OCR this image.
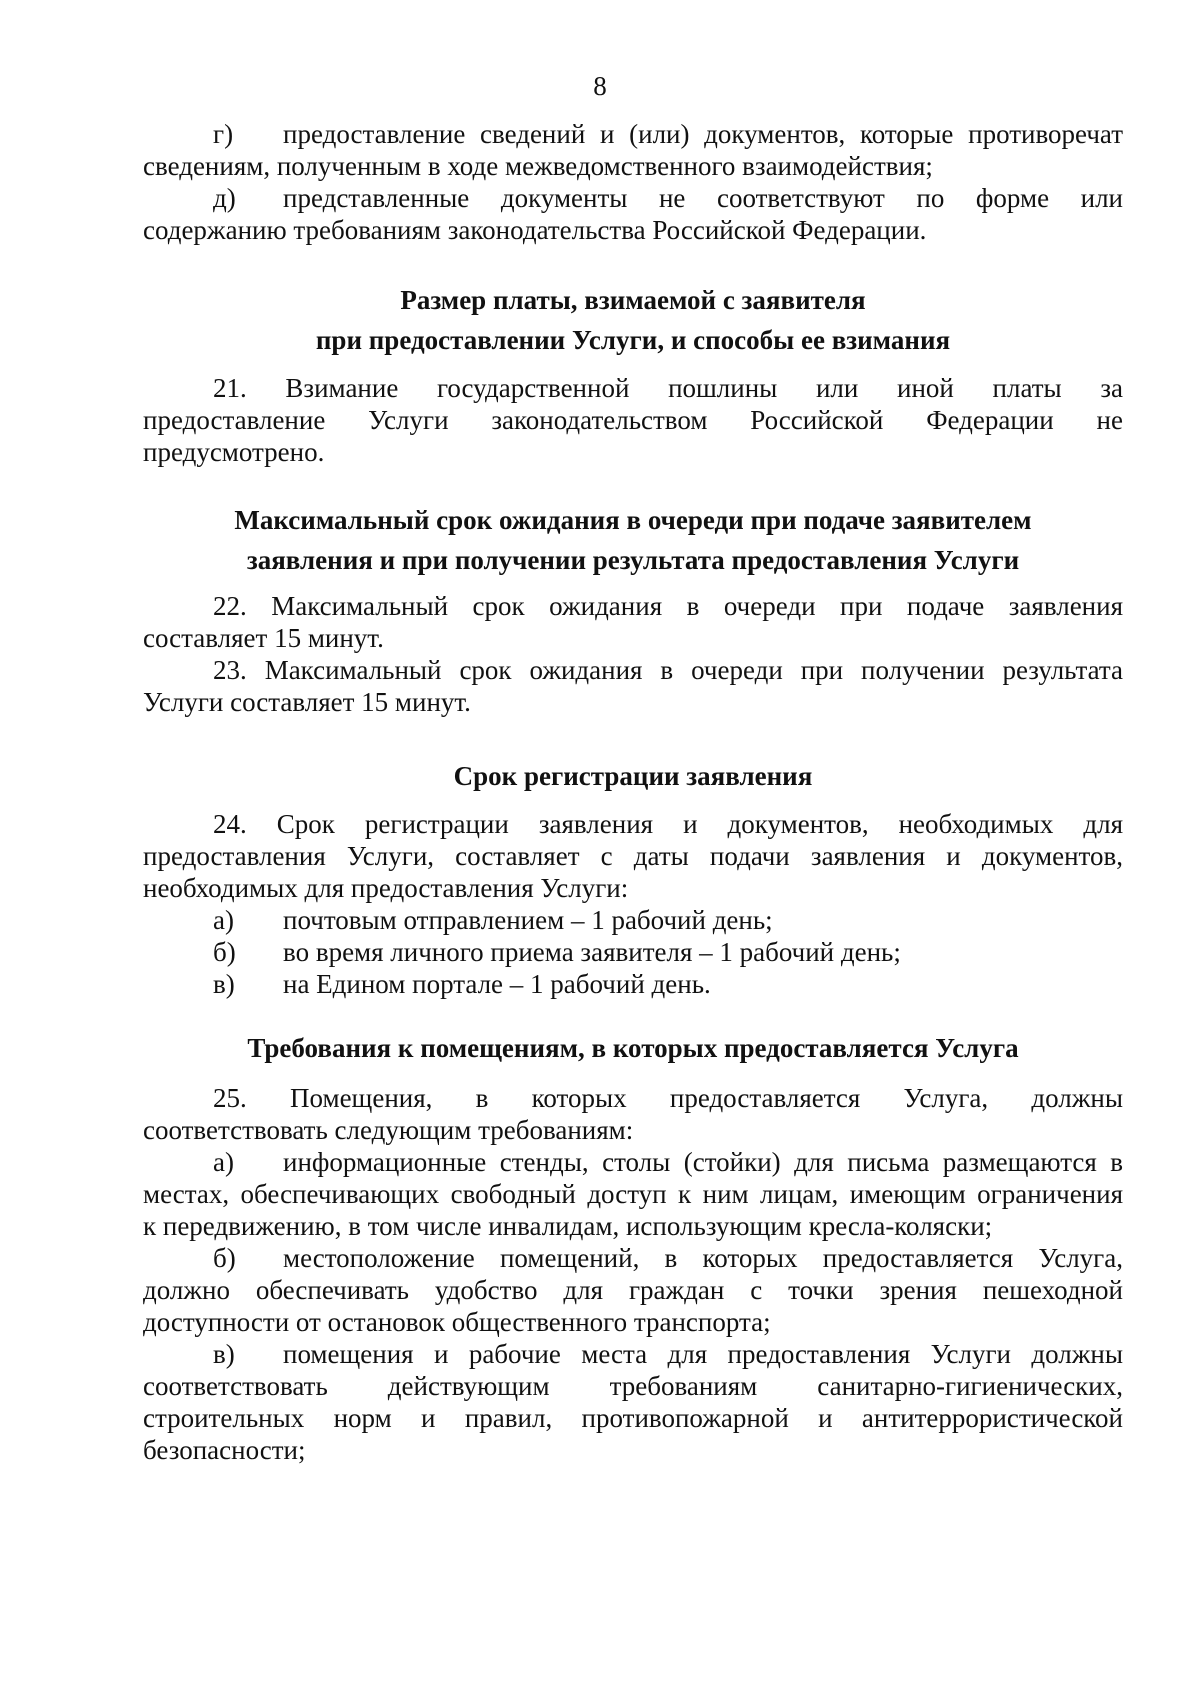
8
г)	предоставление сведений и (или) документов, которые противоречат

сведениям, полученным в ходе межведомственного взаимодействия;

д)	представленные документы не соответствуют по форме или

содержанию требованиям законодательства Российской Федерации.

Размер платы, взимаемой с заявителя
при предоставлении Услуги, и способы ее взимания

21. Взимание государственной пошлины или иной платы за

предоставление Услуги законодательством Российской Федерации не

предусмотрено.

Максимальный срок ожидания в очереди при подаче заявителем
заявления и при получении результата предоставления Услуги

22. Максимальный срок ожидания в очереди при подаче заявления

составляет 15 минут.

23. Максимальный срок ожидания в очереди при получении результата

Услуги составляет 15 минут.

Срок регистрации заявления

24. Срок регистрации заявления и документов, необходимых для

предоставления Услуги, составляет с даты подачи заявления и документов,

необходимых для предоставления Услуги:

а)	почтовым отправлением – 1 рабочий день;
б)	во время личного приема заявителя – 1 рабочий день;
в)	на Едином портале – 1 рабочий день.
Требования к помещениям, в которых предоставляется Услуга

25. Помещения, в которых предоставляется Услуга, должны

соответствовать следующим требованиям:

а)	информационные стенды, столы (стойки) для письма размещаются в

местах, обеспечивающих свободный доступ к ним лицам, имеющим ограничения

к передвижению, в том числе инвалидам, использующим кресла-коляски;

б)	местоположение помещений, в которых предоставляется Услуга,

должно обеспечивать удобство для граждан с точки зрения пешеходной

доступности от остановок общественного транспорта;

в)	помещения и рабочие места для предоставления Услуги должны

соответствовать действующим требованиям санитарно-гигиенических,

строительных норм и правил, противопожарной и антитеррористической

безопасности;
